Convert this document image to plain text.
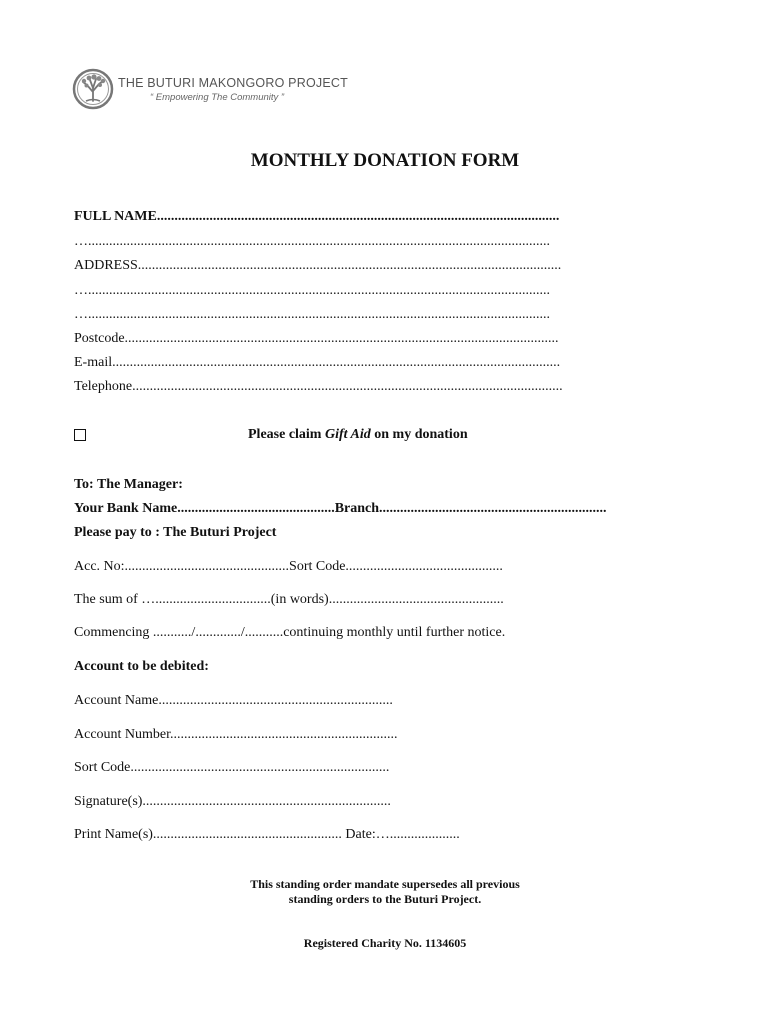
THE BUTURI MAKONGORO PROJECT
“ Empowering The Community ”
MONTHLY DONATION FORM
FULL NAME...................................................................................................................
…....................................................................................................................................
ADDRESS.........................................................................................................................
…....................................................................................................................................
…....................................................................................................................................
Postcode............................................................................................................................
E-mail................................................................................................................................
Telephone...........................................................................................................................
Please claim Gift Aid on my donation
To: The Manager:
Your Bank Name.............................................Branch.................................................................
Please pay to : The Buturi Project
Acc. No:...............................................Sort Code.............................................
The sum of ….................................(in words)..................................................
Commencing .........../............./...........continuing monthly until further notice.
Account to be debited:
Account Name...................................................................
Account Number.................................................................
Sort Code..........................................................................
Signature(s).......................................................................
Print Name(s)...................................................... Date:…....................
This standing order mandate supersedes all previous
standing orders to the Buturi Project.
Registered Charity No. 1134605
